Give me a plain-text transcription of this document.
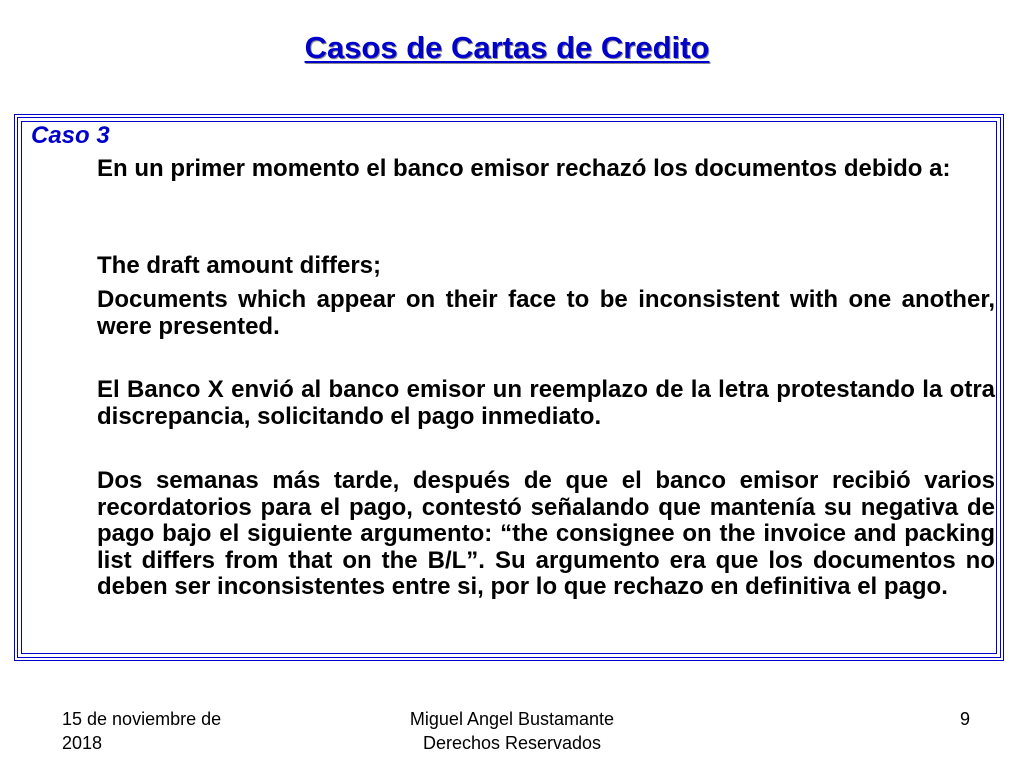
Casos de Cartas de Credito
Caso 3

En un primer momento el banco emisor rechazó los documentos debido a:

The draft amount differs;

Documents which appear on their face to be inconsistent with one another, were presented.

El Banco X envió al banco emisor un reemplazo de la letra protestando la otra discrepancia, solicitando el pago inmediato.

Dos semanas más tarde, después de que el banco emisor recibió varios recordatorios para el pago, contestó señalando que mantenía su negativa de pago bajo el siguiente argumento: “the consignee on the invoice and packing list differs from that on the B/L”. Su argumento era que los documentos no deben ser inconsistentes entre si, por lo que rechazo en definitiva el pago.

15 de noviembre de 2018
Miguel Angel Bustamante
Derechos Reservados
9
